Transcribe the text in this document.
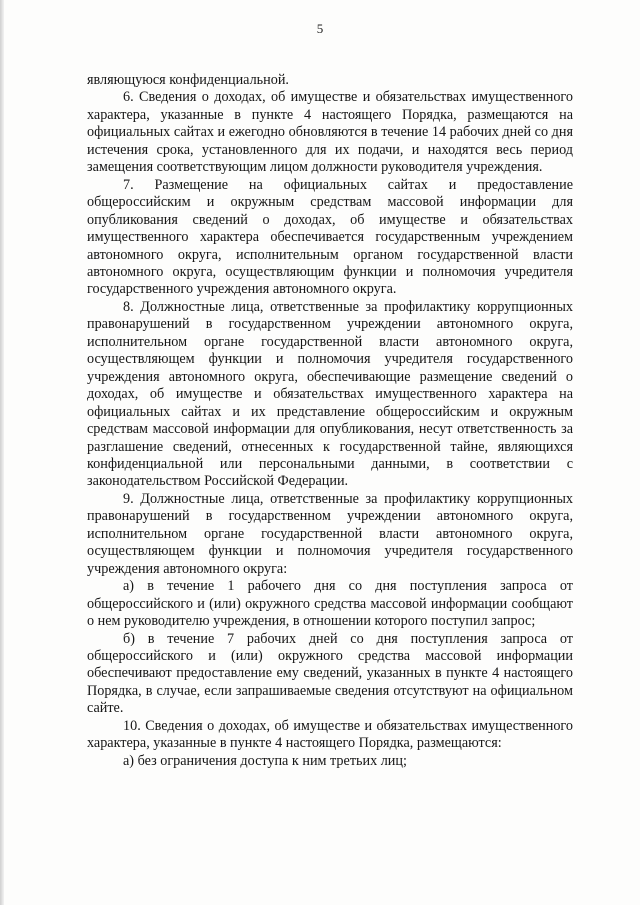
5

являющуюся конфиденциальной.

6. Сведения о доходах, об имуществе и обязательствах имущественного характера, указанные в пункте 4 настоящего Порядка, размещаются на официальных сайтах и ежегодно обновляются в течение 14 рабочих дней со дня истечения срока, установленного для их подачи, и находятся весь период замещения соответствующим лицом должности руководителя учреждения.

7. Размещение на официальных сайтах и предоставление общероссийским и окружным средствам массовой информации для опубликования сведений о доходах, об имуществе и обязательствах имущественного характера обеспечивается государственным учреждением автономного округа, исполнительным органом государственной власти автономного округа, осуществляющим функции и полномочия учредителя государственного учреждения автономного округа.

8. Должностные лица, ответственные за профилактику коррупционных правонарушений в государственном учреждении автономного округа, исполнительном органе государственной власти автономного округа, осуществляющем функции и полномочия учредителя государственного учреждения автономного округа, обеспечивающие размещение сведений о доходах, об имуществе и обязательствах имущественного характера на официальных сайтах и их представление общероссийским и окружным средствам массовой информации для опубликования, несут ответственность за разглашение сведений, отнесенных к государственной тайне, являющихся конфиденциальной или персональными данными, в соответствии с законодательством Российской Федерации.

9. Должностные лица, ответственные за профилактику коррупционных правонарушений в государственном учреждении автономного округа, исполнительном органе государственной власти автономного округа, осуществляющем функции и полномочия учредителя государственного учреждения автономного округа:

а) в течение 1 рабочего дня со дня поступления запроса от общероссийского и (или) окружного средства массовой информации сообщают о нем руководителю учреждения, в отношении которого поступил запрос;

б) в течение 7 рабочих дней со дня поступления запроса от общероссийского и (или) окружного средства массовой информации обеспечивают предоставление ему сведений, указанных в пункте 4 настоящего Порядка, в случае, если запрашиваемые сведения отсутствуют на официальном сайте.

10. Сведения о доходах, об имуществе и обязательствах имущественного характера, указанные в пункте 4 настоящего Порядка, размещаются:

а) без ограничения доступа к ним третьих лиц;
